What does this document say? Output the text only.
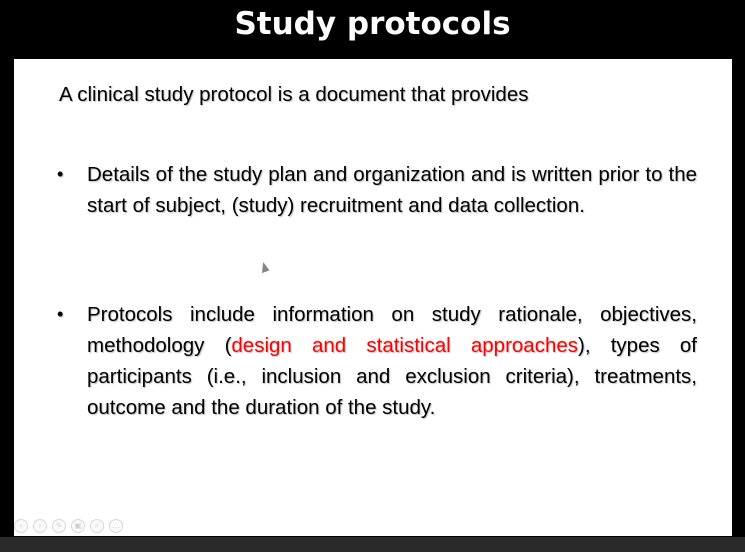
Study protocols
A clinical study protocol is a document that provides
• Details of the study plan and organization and is written prior to the start of subject, (study) recruitment and data collection.
• Protocols include information on study rationale, objectives, methodology (design and statistical approaches), types of participants (i.e., inclusion and exclusion criteria), treatments, outcome and the duration of the study.
‹	›	✎	▣	⌕	…
